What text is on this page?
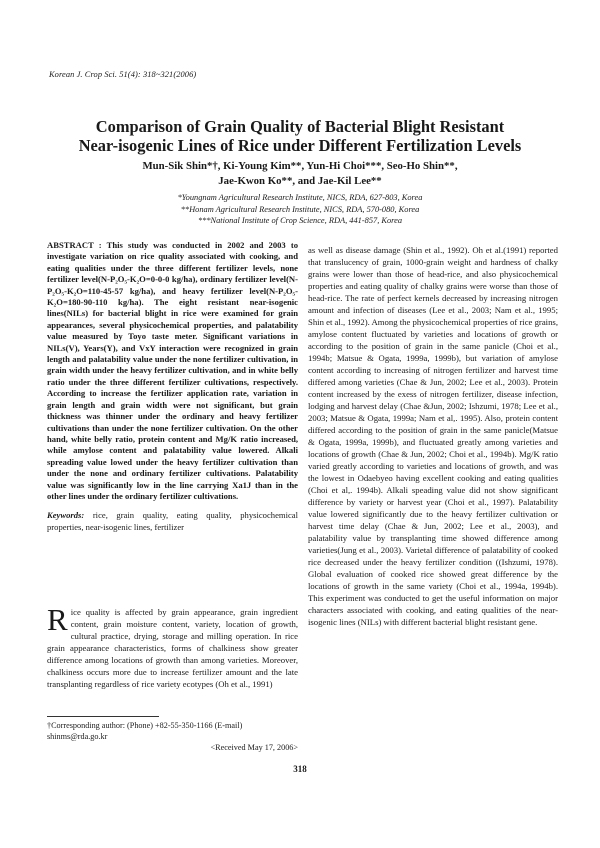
Korean J. Crop Sci. 51(4): 318~321(2006)
Comparison of Grain Quality of Bacterial Blight Resistant
Near-isogenic Lines of Rice under Different Fertilization Levels
Mun-Sik Shin*†, Ki-Young Kim**, Yun-Hi Choi***, Seo-Ho Shin**,
Jae-Kwon Ko**, and Jae-Kil Lee**
*Youngnam Agricultural Research Institute, NICS, RDA, 627-803, Korea
**Honam Agricultural Research Institute, NICS, RDA, 570-080, Korea
***National Institute of Crop Science, RDA, 441-857, Korea
ABSTRACT : This study was conducted in 2002 and 2003 to investigate variation on rice quality associated with cooking, and eating qualities under the three different fertilizer levels, none fertilizer level(N-P₂O₅-K₂O=0-0-0 kg/ha), ordinary fertilizer level(N-P₂O₅-K₂O=110-45-57 kg/ha), and heavy fertilizer level(N-P₂O₅-K₂O=180-90-110 kg/ha). The eight resistant near-isogenic lines(NILs) for bacterial blight in rice were examined for grain appearances, several physicochemical properties, and palatability value measured by Toyo taste meter. Significant variations in NILs(V), Years(Y), and VxY interaction were recognized in grain length and palatability value under the none fertilizer cultivation, in grain width under the heavy fertilizer cultivation, and in white belly ratio under the three different fertilizer cultivations, respectively. According to increase the fertilizer application rate, variation in grain length and grain width were not significant, but grain thickness was thinner under the ordinary and heavy fertilizer cultivations than under the none fertilizer cultivation. On the other hand, white belly ratio, protein content and Mg/K ratio increased, while amylose content and palatability value lowered. Alkali spreading value lowed under the heavy fertilizer cultivation than under the none and ordinary fertilizer cultivations. Palatability value was significantly low in the line carrying Xa1J than in the other lines under the ordinary fertilizer cultivations.
Keywords: rice, grain quality, eating quality, physicochemical properties, near-isogenic lines, fertilizer
R ice quality is affected by grain appearance, grain ingredient content, grain moisture content, variety, location of growth, cultural practice, drying, storage and milling operation. In rice grain appearance characteristics, forms of chalkiness show greater difference among locations of growth than among varieties. Moreover, chalkiness occurs more due to increase fertilizer amount and the late transplanting regardless of rice variety ecotypes (Oh et al., 1991)
as well as disease damage (Shin et al., 1992). Oh et al.(1991) reported that translucency of grain, 1000-grain weight and hardness of chalky grains were lower than those of head-rice, and also physicochemical properties and eating quality of chalky grains were worse than those of head-rice. The rate of perfect kernels decreased by increasing nitrogen amount and infection of diseases (Lee et al., 2003; Nam et al., 1995; Shin et al., 1992). Among the physicochemical properties of rice grains, amylose content fluctuated by varieties and locations of growth or according to the position of grain in the same panicle (Choi et al., 1994b; Matsue & Ogata, 1999a, 1999b), but variation of amylose content according to increasing of nitrogen fertilizer and harvest time differed among varieties (Chae & Jun, 2002; Lee et al., 2003). Protein content increased by the exess of nitrogen fertilizer, disease infection, lodging and harvest delay (Chae &Jun, 2002; Ishzumi, 1978; Lee et al., 2003; Matsue & Ogata, 1999a; Nam et al,. 1995). Also, protein content differed according to the position of grain in the same panicle(Matsue & Ogata, 1999a, 1999b), and fluctuated greatly among varieties and locations of growth (Chae & Jun, 2002; Choi et al., 1994b). Mg/K ratio varied greatly according to varieties and locations of growth, and was the lowest in Odaebyeo having excellent cooking and eating qualities (Choi et al,. 1994b). Alkali speading value did not show significant difference by variety or harvest year (Choi et al., 1997). Palatability value lowered significantly due to the heavy fertilizer cultivation or harvest time delay (Chae & Jun, 2002; Lee et al., 2003), and palatability value by transplanting time showed difference among varieties(Jung et al., 2003). Varietal difference of palatability of cooked rice decreased under the heavy fertilizer condition ((Ishzumi, 1978). Global evaluation of cooked rice showed great difference by the locations of growth in the same variety (Choi et al., 1994a, 1994b). This experiment was conducted to get the useful information on major characters associated with cooking, and eating qualities of the near-isogenic lines (NILs) with different bacterial blight resistant gene.
†Corresponding author: (Phone) +82-55-350-1166 (E-mail) shinms@rda.go.kr
<Received May 17, 2006>
318
